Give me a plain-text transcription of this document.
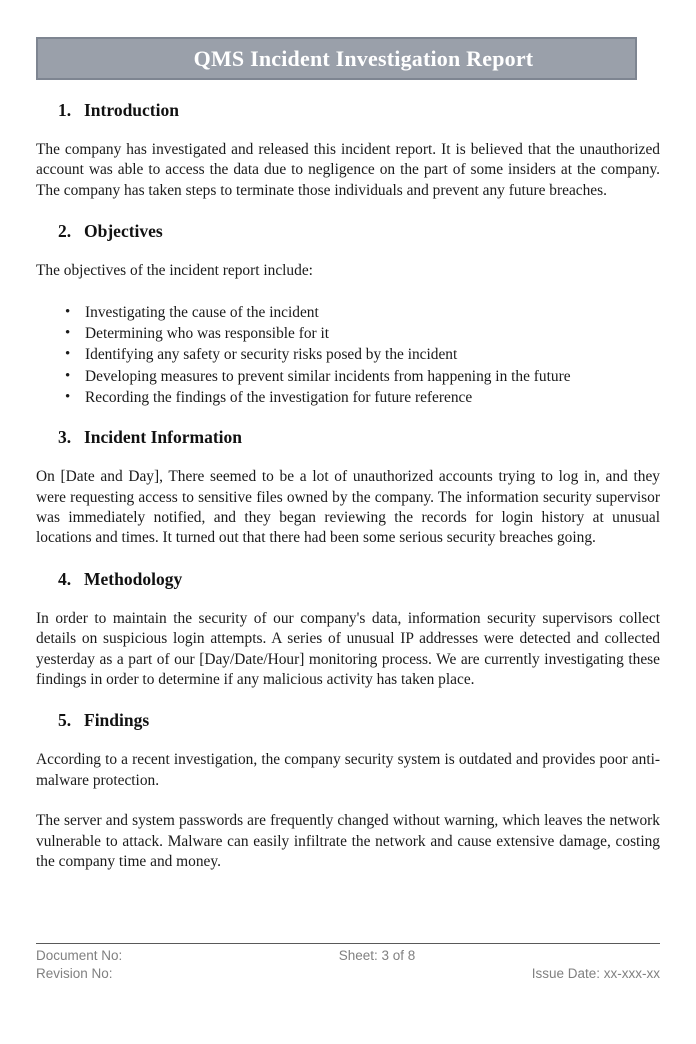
QMS Incident Investigation Report
1. Introduction

The company has investigated and released this incident report. It is believed that the unauthorized account was able to access the data due to negligence on the part of some insiders at the company. The company has taken steps to terminate those individuals and prevent any future breaches.

2. Objectives

The objectives of the incident report include:

• Investigating the cause of the incident
• Determining who was responsible for it
• Identifying any safety or security risks posed by the incident
• Developing measures to prevent similar incidents from happening in the future
• Recording the findings of the investigation for future reference
3. Incident Information

On [Date and Day], There seemed to be a lot of unauthorized accounts trying to log in, and they were requesting access to sensitive files owned by the company. The information security supervisor was immediately notified, and they began reviewing the records for login history at unusual locations and times. It turned out that there had been some serious security breaches going.

4. Methodology

In order to maintain the security of our company's data, information security supervisors collect details on suspicious login attempts. A series of unusual IP addresses were detected and collected yesterday as a part of our [Day/Date/Hour] monitoring process. We are currently investigating these findings in order to determine if any malicious activity has taken place.

5. Findings

According to a recent investigation, the company security system is outdated and provides poor anti-malware protection.

The server and system passwords are frequently changed without warning, which leaves the network vulnerable to attack. Malware can easily infiltrate the network and cause extensive damage, costing the company time and money.

Document No:	Sheet: 3 of 8
Revision No:	Issue Date: xx-xxx-xx
